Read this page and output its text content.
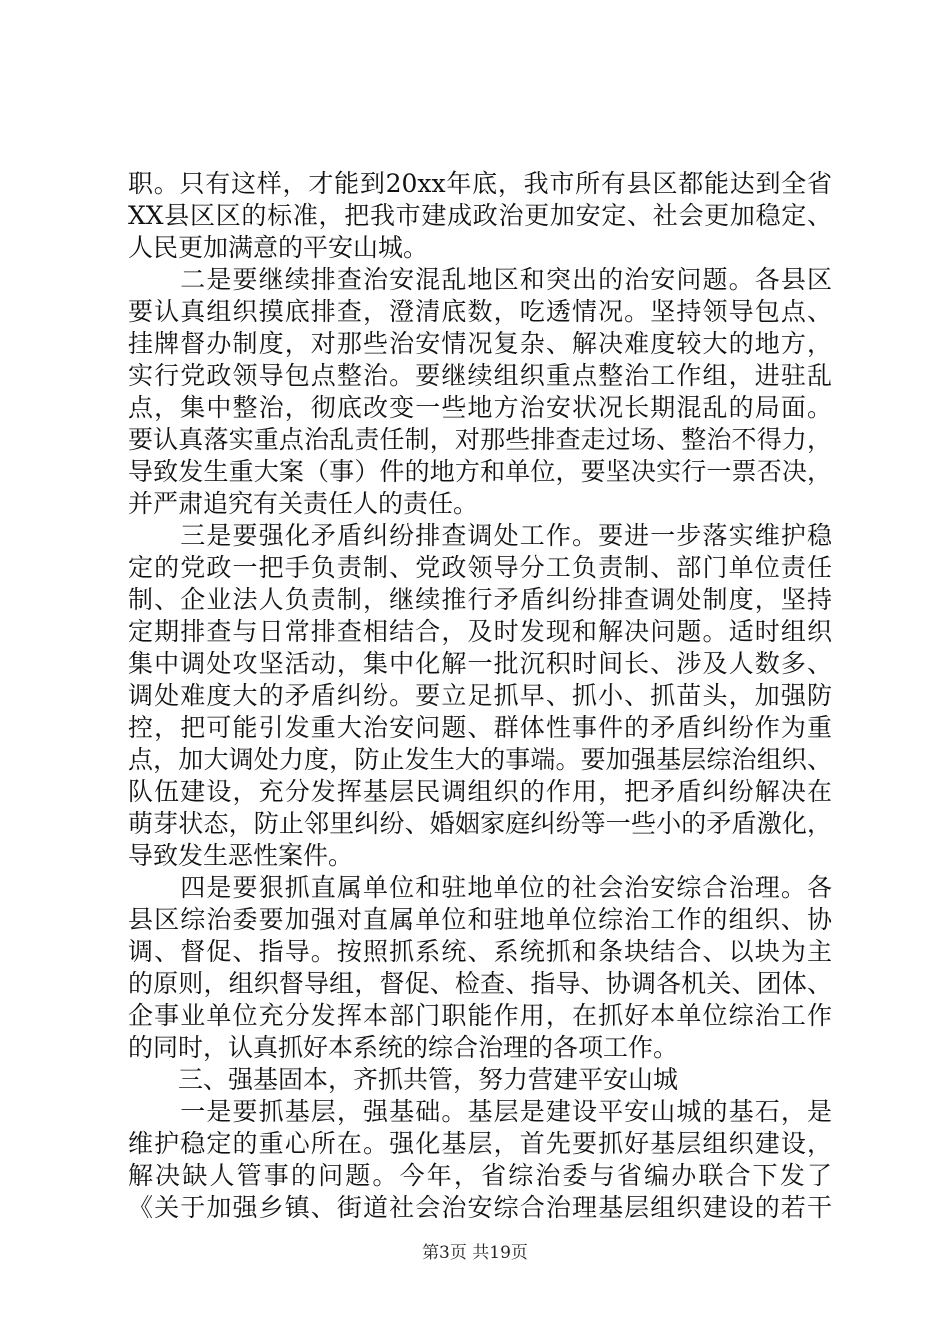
职。只有这样，才能到20xx年底，我市所有县区都能达到全省
XX县区区的标准，把我市建成政治更加安定、社会更加稳定、
人民更加满意的平安山城。
　　二是要继续排查治安混乱地区和突出的治安问题。各县区
要认真组织摸底排查，澄清底数，吃透情况。坚持领导包点、
挂牌督办制度，对那些治安情况复杂、解决难度较大的地方，
实行党政领导包点整治。要继续组织重点整治工作组，进驻乱
点，集中整治，彻底改变一些地方治安状况长期混乱的局面。
要认真落实重点治乱责任制，对那些排查走过场、整治不得力，
导致发生重大案（事）件的地方和单位，要坚决实行一票否决，
并严肃追究有关责任人的责任。
　　三是要强化矛盾纠纷排查调处工作。要进一步落实维护稳
定的党政一把手负责制、党政领导分工负责制、部门单位责任
制、企业法人负责制，继续推行矛盾纠纷排查调处制度，坚持
定期排查与日常排查相结合，及时发现和解决问题。适时组织
集中调处攻坚活动，集中化解一批沉积时间长、涉及人数多、
调处难度大的矛盾纠纷。要立足抓早、抓小、抓苗头，加强防
控，把可能引发重大治安问题、群体性事件的矛盾纠纷作为重
点，加大调处力度，防止发生大的事端。要加强基层综治组织、
队伍建设，充分发挥基层民调组织的作用，把矛盾纠纷解决在
萌芽状态，防止邻里纠纷、婚姻家庭纠纷等一些小的矛盾激化，
导致发生恶性案件。
　　四是要狠抓直属单位和驻地单位的社会治安综合治理。各
县区综治委要加强对直属单位和驻地单位综治工作的组织、协
调、督促、指导。按照抓系统、系统抓和条块结合、以块为主
的原则，组织督导组，督促、检查、指导、协调各机关、团体、
企事业单位充分发挥本部门职能作用，在抓好本单位综治工作
的同时，认真抓好本系统的综合治理的各项工作。
　　三、强基固本，齐抓共管，努力营建平安山城
　　一是要抓基层，强基础。基层是建设平安山城的基石，是
维护稳定的重心所在。强化基层，首先要抓好基层组织建设，
解决缺人管事的问题。今年，省综治委与省编办联合下发了
《关于加强乡镇、街道社会治安综合治理基层组织建设的若干
第3页 共19页
